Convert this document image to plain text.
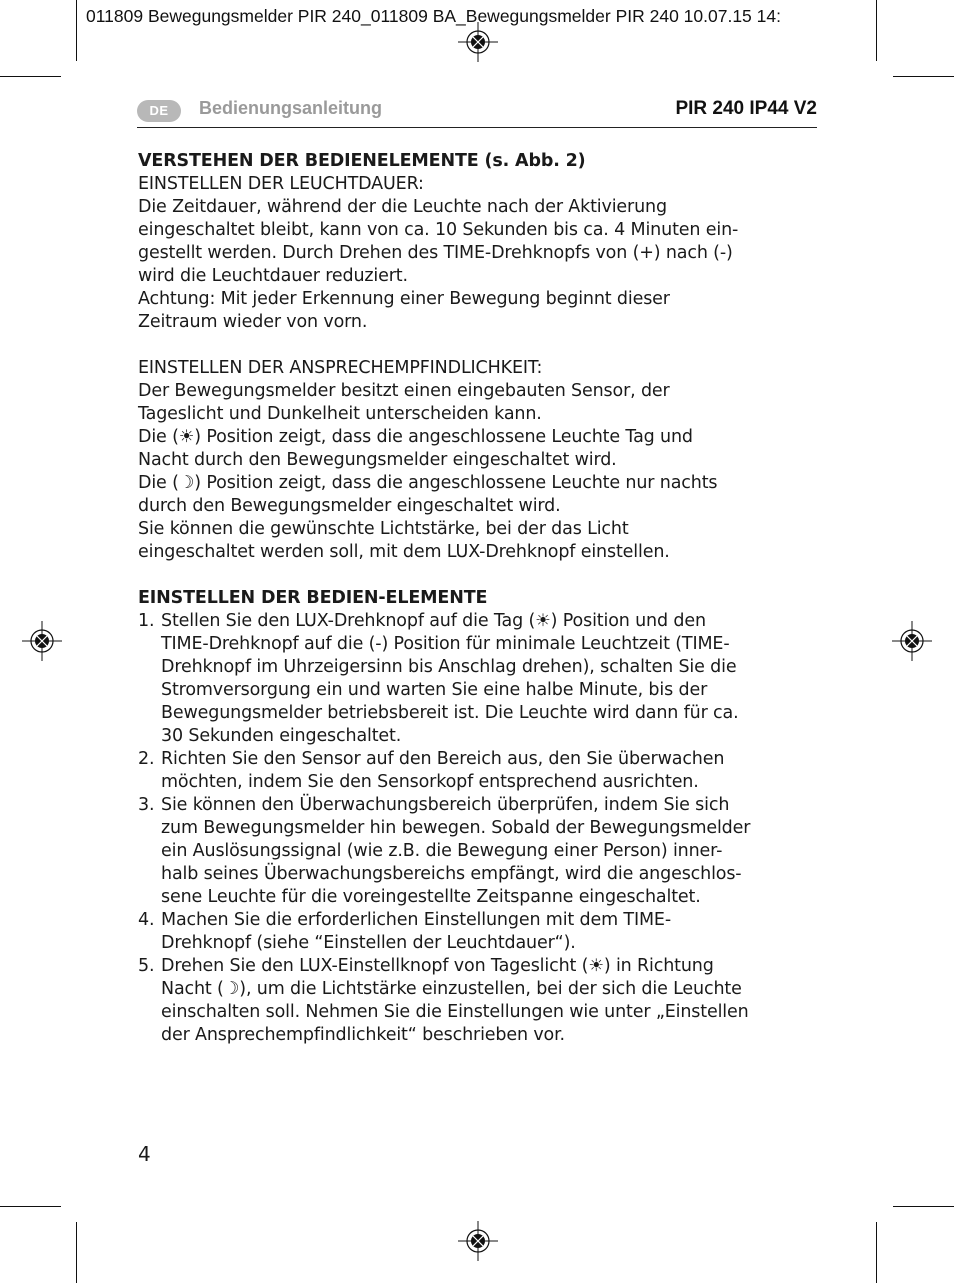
011809 Bewegungsmelder PIR 240_011809 BA_Bewegungsmelder PIR 240 10.07.15 14:
DE	Bedienungsanleitung	PIR 240 IP44 V2
VERSTEHEN DER BEDIENELEMENTE (s. Abb. 2)
EINSTELLEN DER LEUCHTDAUER:

Die Zeitdauer, während der die Leuchte nach der Aktivierung
eingeschaltet bleibt, kann von ca. 10 Sekunden bis ca. 4 Minuten ein-
gestellt werden. Durch Drehen des TIME-Drehknopfs von (+) nach (-)
wird die Leuchtdauer reduziert.
Achtung: Mit jeder Erkennung einer Bewegung beginnt dieser
Zeitraum wieder von vorn.

EINSTELLEN DER ANSPRECHEMPFINDLICHKEIT:

Der Bewegungsmelder besitzt einen eingebauten Sensor, der
Tageslicht und Dunkelheit unterscheiden kann.
Die (☀) Position zeigt, dass die angeschlossene Leuchte Tag und
Nacht durch den Bewegungsmelder eingeschaltet wird.
Die (☽) Position zeigt, dass die angeschlossene Leuchte nur nachts
durch den Bewegungsmelder eingeschaltet wird.
Sie können die gewünschte Lichtstärke, bei der das Licht
eingeschaltet werden soll, mit dem LUX-Drehknopf einstellen.

EINSTELLEN DER BEDIEN-ELEMENTE
1. Stellen Sie den LUX-Drehknopf auf die Tag (☀) Position und den
TIME-Drehknopf auf die (-) Position für minimale Leuchtzeit (TIME-
Drehknopf im Uhrzeigersinn bis Anschlag drehen), schalten Sie die
Stromversorgung ein und warten Sie eine halbe Minute, bis der
Bewegungsmelder betriebsbereit ist. Die Leuchte wird dann für ca.
30 Sekunden eingeschaltet.
2. Richten Sie den Sensor auf den Bereich aus, den Sie überwachen
möchten, indem Sie den Sensorkopf entsprechend ausrichten.
3. Sie können den Überwachungsbereich überprüfen, indem Sie sich
zum Bewegungsmelder hin bewegen. Sobald der Bewegungsmelder
ein Auslösungssignal (wie z.B. die Bewegung einer Person) inner-
halb seines Überwachungsbereichs empfängt, wird die angeschlos-
sene Leuchte für die voreingestellte Zeitspanne eingeschaltet.
4. Machen Sie die erforderlichen Einstellungen mit dem TIME-
Drehknopf (siehe “Einstellen der Leuchtdauer“).
5. Drehen Sie den LUX-Einstellknopf von Tageslicht (☀) in Richtung
Nacht (☽), um die Lichtstärke einzustellen, bei der sich die Leuchte
einschalten soll. Nehmen Sie die Einstellungen wie unter „Einstellen
der Ansprechempfindlichkeit“ beschrieben vor.
4
